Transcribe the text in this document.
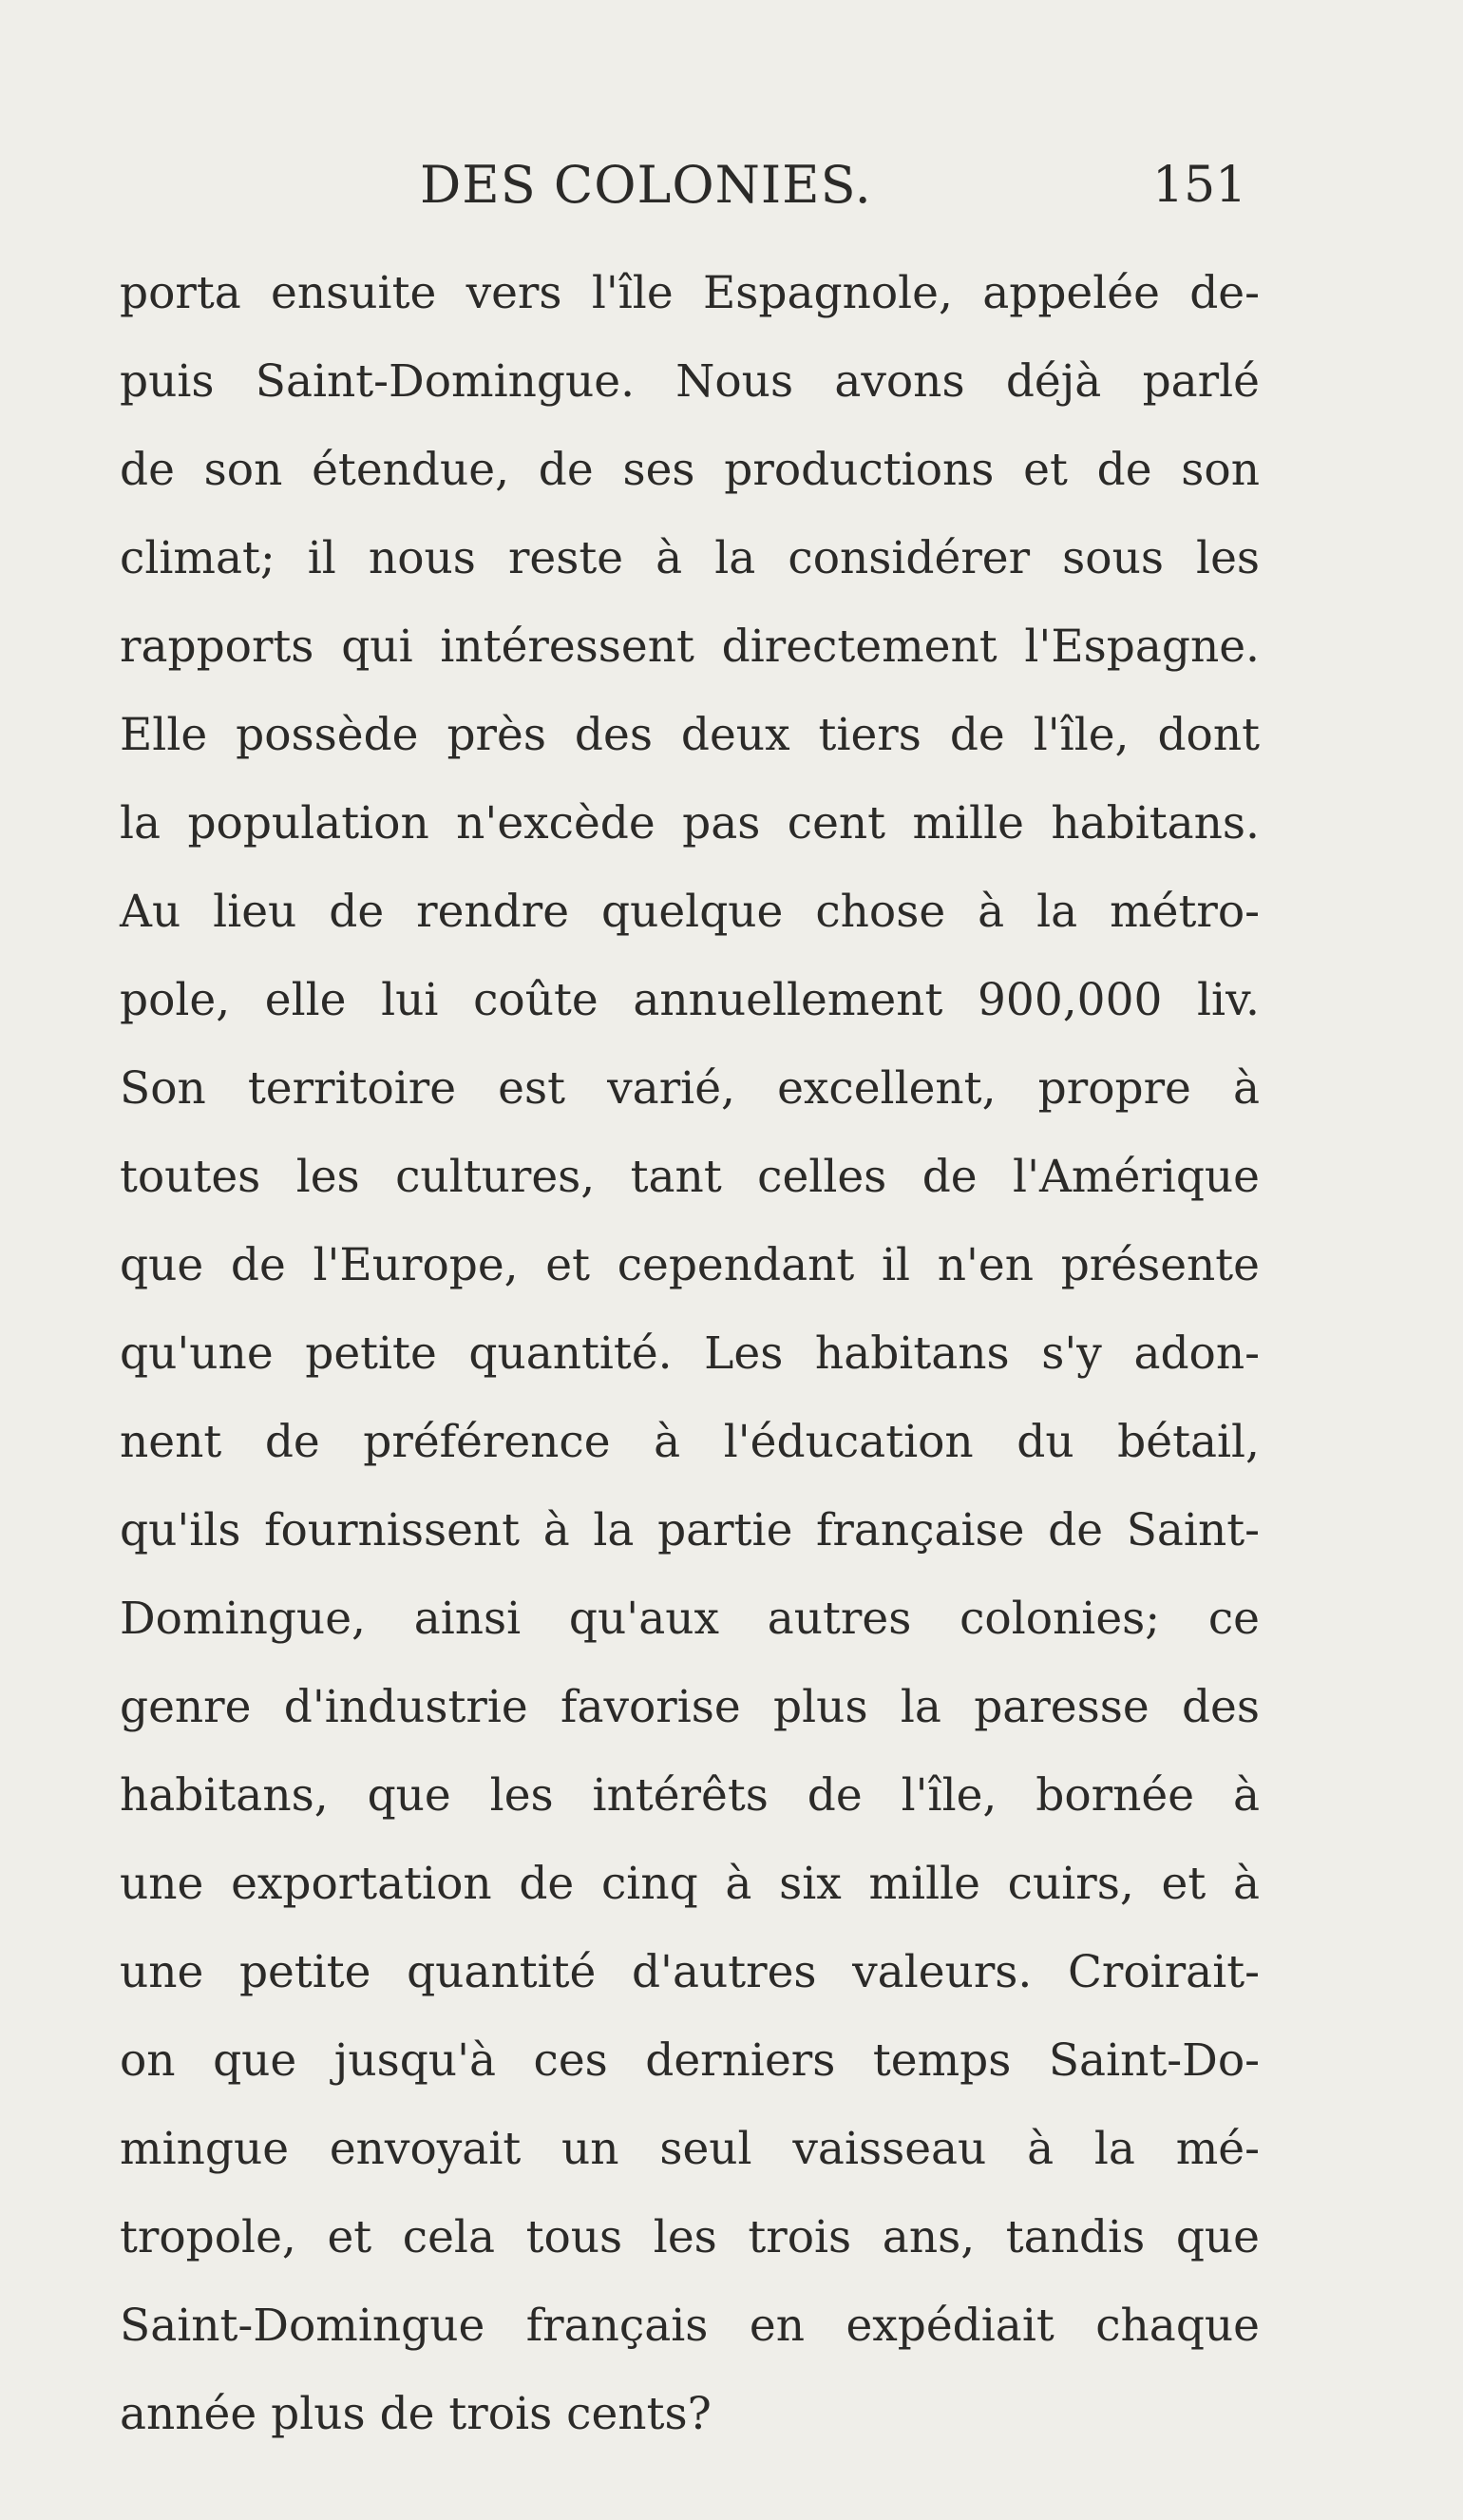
DES COLONIES.	151
porta ensuite vers l'île Espagnole, appelée de-
puis Saint-Domingue. Nous avons déjà parlé
de son étendue, de ses productions et de son
climat; il nous reste à la considérer sous les
rapports qui intéressent directement l'Espagne.
Elle possède près des deux tiers de l'île, dont
la population n'excède pas cent mille habitans.
Au lieu de rendre quelque chose à la métro-
pole, elle lui coûte annuellement 900,000 liv.
Son territoire est varié, excellent, propre à
toutes les cultures, tant celles de l'Amérique
que de l'Europe, et cependant il n'en présente
qu'une petite quantité. Les habitans s'y adon-
nent de préférence à l'éducation du bétail,
qu'ils fournissent à la partie française de Saint-
Domingue, ainsi qu'aux autres colonies; ce
genre d'industrie favorise plus la paresse des
habitans, que les intérêts de l'île, bornée à
une exportation de cinq à six mille cuirs, et à
une petite quantité d'autres valeurs. Croirait-
on que jusqu'à ces derniers temps Saint-Do-
mingue envoyait un seul vaisseau à la mé-
tropole, et cela tous les trois ans, tandis que
Saint-Domingue français en expédiait chaque
année plus de trois cents?
